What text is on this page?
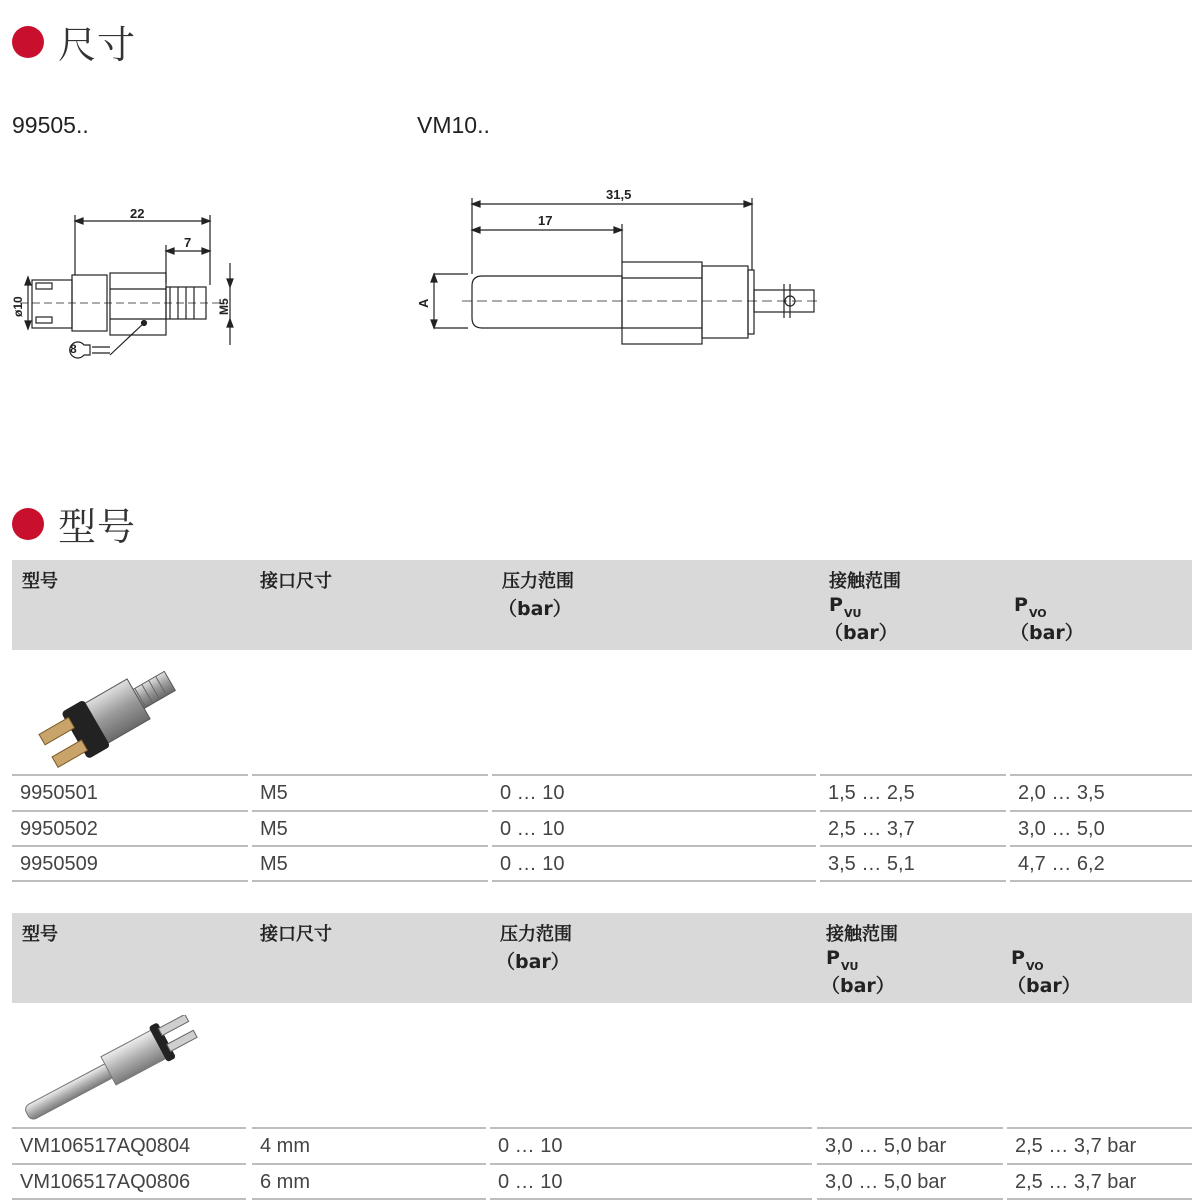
尺寸
99505..	VM10..
22
7
ø10	M5
8
31,5
17
A
型号
型号	接口尺寸	压力范围
（bar）
接触范围
$P_{VU}$
（bar）
$P_{VO}$
（bar）
9950501	M5	0 … 10	1,5 … 2,5	2,0 … 3,5
9950502	M5	0 … 10	2,5 … 3,7	3,0 … 5,0
9950509	M5	0 … 10	3,5 … 5,1	4,7 … 6,2
型号	接口尺寸	压力范围
（bar）
接触范围
$P_{VU}$
（bar）
$P_{VO}$
（bar）
VM106517AQ0804	4 mm	0 … 10	3,0 … 5,0 bar	2,5 … 3,7 bar
VM106517AQ0806	6 mm	0 … 10	3,0 … 5,0 bar	2,5 … 3,7 bar
